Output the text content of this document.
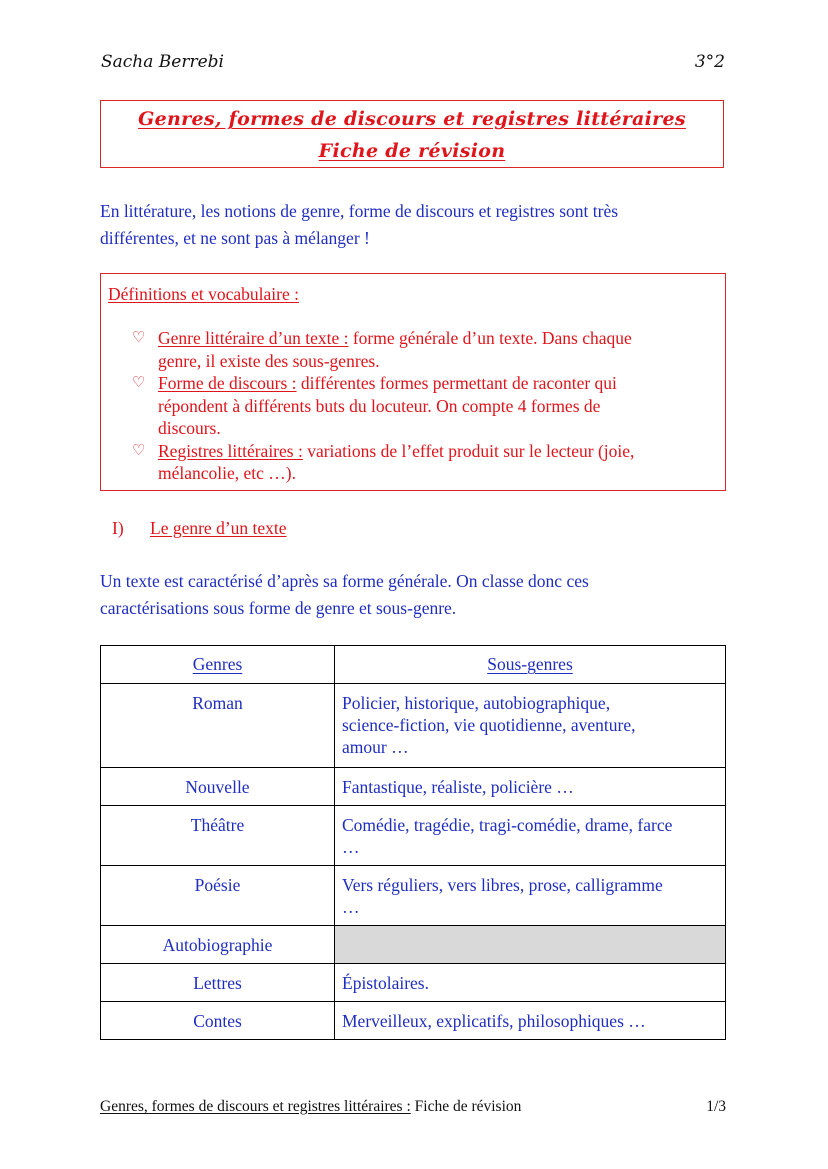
Sacha Berrebi	3°2
Genres, formes de discours et registres littéraires
Fiche de révision
En littérature, les notions de genre, forme de discours et registres sont très
différentes, et ne sont pas à mélanger !
Définitions et vocabulaire :
♡ Genre littéraire d’un texte : forme générale d’un texte. Dans chaque
genre, il existe des sous-genres.
♡ Forme de discours : différentes formes permettant de raconter qui
répondent à différents buts du locuteur. On compte 4 formes de
discours.
♡ Registres littéraires : variations de l’effet produit sur le lecteur (joie,
mélancolie, etc …).
I) Le genre d’un texte
Un texte est caractérisé d’après sa forme générale. On classe donc ces
caractérisations sous forme de genre et sous-genre.
Genres	Sous-genres
Roman	Policier, historique, autobiographique,
science-fiction, vie quotidienne, aventure,
amour …

Nouvelle	Fantastique, réaliste, policière …

Théâtre	Comédie, tragédie, tragi-comédie, drame, farce
…

Poésie	Vers réguliers, vers libres, prose, calligramme
…

Autobiographie	
Lettres	Épistolaires.

Contes	Merveilleux, explicatifs, philosophiques …
Genres, formes de discours et registres littéraires : Fiche de révision	1/3
